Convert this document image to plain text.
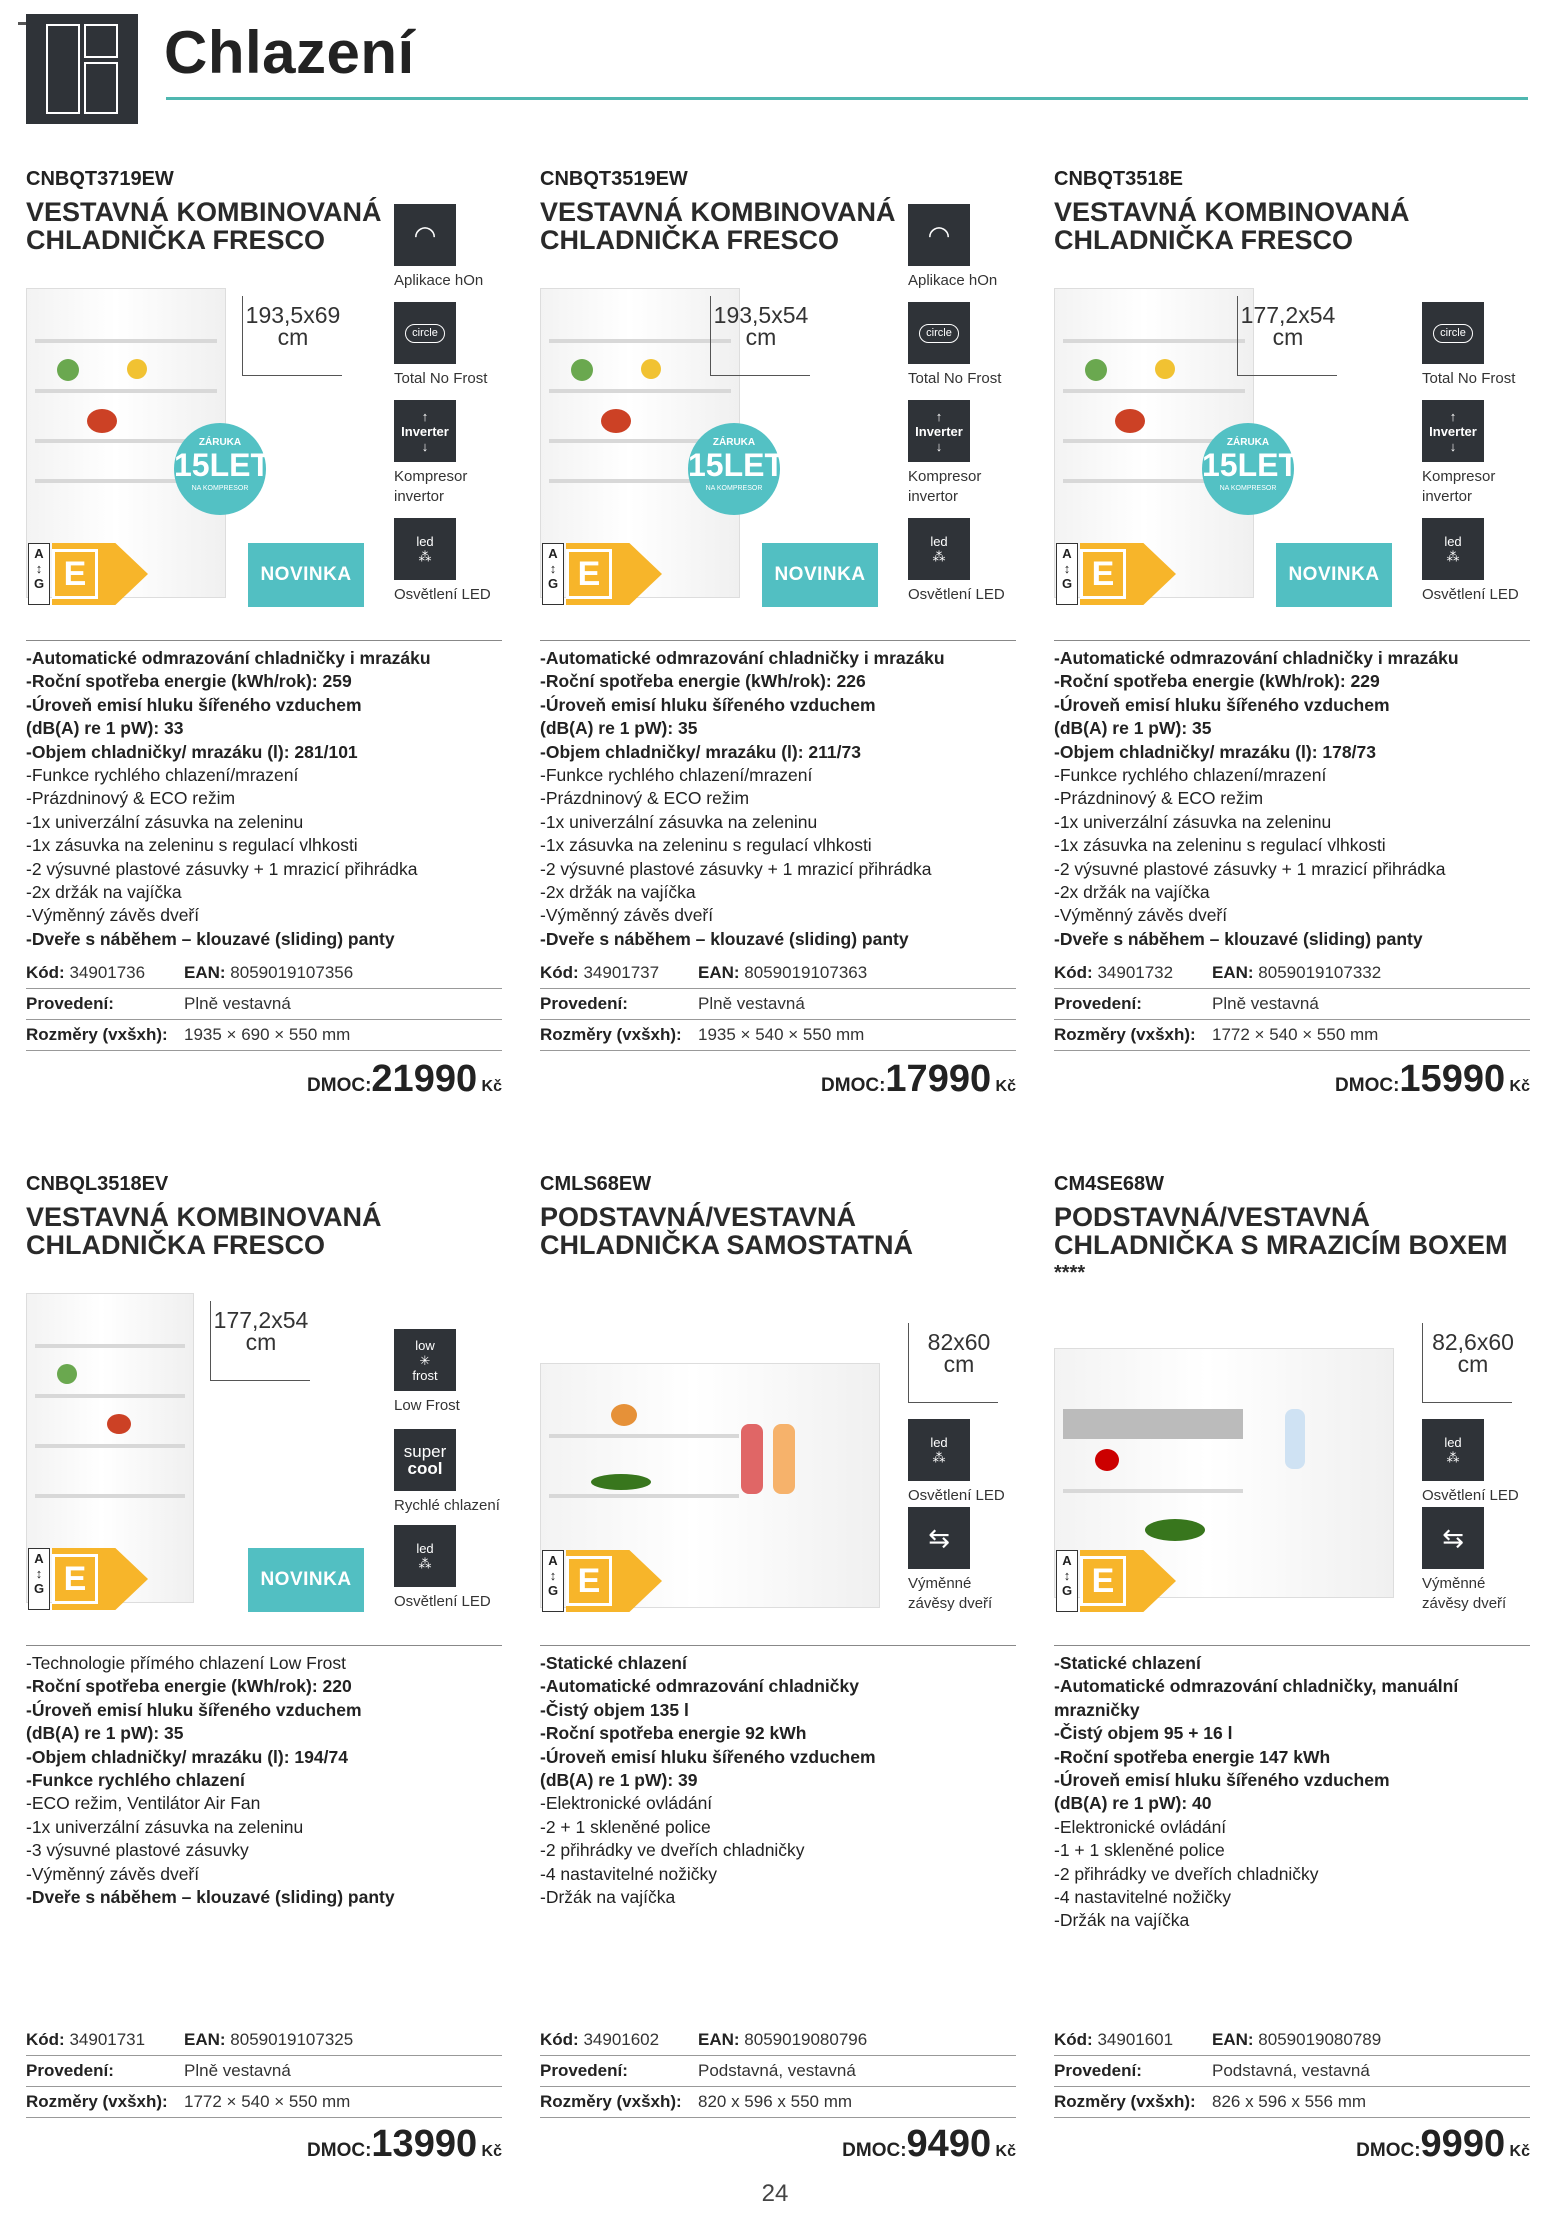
Chlazení
CNBQT3719EW
VESTAVNÁ KOMBINOVANÁ CHLADNIČKA FRESCO
193,5x69 cm
ZÁRUKA
15LET
NA KOMPRESOR
A
↕
G E	NOVINKA
◠
Aplikace hOn
circle
Total No Frost
↑
Inverter
↓
Kompresor invertor
led
⁂
Osvětlení LED
-Automatické odmrazování chladničky i mrazáku
-Roční spotřeba energie (kWh/rok): 259
-Úroveň emisí hluku šířeného vzduchem
(dB(A) re 1 pW): 33
-Objem chladničky/ mrazáku (l): 281/101
-Funkce rychlého chlazení/mrazení
-Prázdninový & ECO režim
-1x univerzální zásuvka na zeleninu
-1x zásuvka na zeleninu s regulací vlhkosti
-2 výsuvné plastové zásuvky + 1 mrazicí přihrádka
-2x držák na vajíčka
-Výměnný závěs dveří
-Dveře s náběhem – klouzavé (sliding) panty
Kód: 34901736 EAN: 8059019107356
Provedení:	Plně vestavná
Rozměry (vxšxh): 1935 × 690 × 550 mm
DMOC:21990 Kč
CNBQT3519EW
VESTAVNÁ KOMBINOVANÁ CHLADNIČKA FRESCO
193,5x54 cm
ZÁRUKA
15LET
NA KOMPRESOR
A
↕
G E	NOVINKA
◠
Aplikace hOn
circle
Total No Frost
↑
Inverter
↓
Kompresor invertor
led
⁂
Osvětlení LED
-Automatické odmrazování chladničky i mrazáku
-Roční spotřeba energie (kWh/rok): 226
-Úroveň emisí hluku šířeného vzduchem
(dB(A) re 1 pW): 35
-Objem chladničky/ mrazáku (l): 211/73
-Funkce rychlého chlazení/mrazení
-Prázdninový & ECO režim
-1x univerzální zásuvka na zeleninu
-1x zásuvka na zeleninu s regulací vlhkosti
-2 výsuvné plastové zásuvky + 1 mrazicí přihrádka
-2x držák na vajíčka
-Výměnný závěs dveří
-Dveře s náběhem – klouzavé (sliding) panty
Kód: 34901737 EAN: 8059019107363
Provedení:	Plně vestavná
Rozměry (vxšxh): 1935 × 540 × 550 mm
DMOC:17990 Kč
CNBQT3518E
VESTAVNÁ KOMBINOVANÁ CHLADNIČKA FRESCO
177,2x54 cm
ZÁRUKA
15LET
NA KOMPRESOR
A
↕
G E	NOVINKA
circle
Total No Frost
↑
Inverter
↓
Kompresor invertor
led
⁂
Osvětlení LED
-Automatické odmrazování chladničky i mrazáku
-Roční spotřeba energie (kWh/rok): 229
-Úroveň emisí hluku šířeného vzduchem
(dB(A) re 1 pW): 35
-Objem chladničky/ mrazáku (l): 178/73
-Funkce rychlého chlazení/mrazení
-Prázdninový & ECO režim
-1x univerzální zásuvka na zeleninu
-1x zásuvka na zeleninu s regulací vlhkosti
-2 výsuvné plastové zásuvky + 1 mrazicí přihrádka
-2x držák na vajíčka
-Výměnný závěs dveří
-Dveře s náběhem – klouzavé (sliding) panty
Kód: 34901732 EAN: 8059019107332
Provedení:	Plně vestavná
Rozměry (vxšxh): 1772 × 540 × 550 mm
DMOC:15990 Kč
CNBQL3518EV
VESTAVNÁ KOMBINOVANÁ CHLADNIČKA FRESCO
177,2x54 cm
A
↕
G E	NOVINKA
low
✳
frost
Low Frost
super
cool
Rychlé chlazení
led
⁂
Osvětlení LED
-Technologie přímého chlazení Low Frost
-Roční spotřeba energie (kWh/rok): 220
-Úroveň emisí hluku šířeného vzduchem
(dB(A) re 1 pW): 35
-Objem chladničky/ mrazáku (l): 194/74
-Funkce rychlého chlazení
-ECO režim, Ventilátor Air Fan
-1x univerzální zásuvka na zeleninu
-3 výsuvné plastové zásuvky
-Výměnný závěs dveří
-Dveře s náběhem – klouzavé (sliding) panty
Kód: 34901731 EAN: 8059019107325
Provedení:	Plně vestavná
Rozměry (vxšxh): 1772 × 540 × 550 mm
DMOC:13990 Kč
CMLS68EW
PODSTAVNÁ/VESTAVNÁ CHLADNIČKA SAMOSTATNÁ
82x60 cm
A
↕
G E
led
⁂
Osvětlení LED
⇆
Výměnné závěsy dveří
-Statické chlazení
-Automatické odmrazování chladničky
-Čistý objem 135 l
-Roční spotřeba energie 92 kWh
-Úroveň emisí hluku šířeného vzduchem
(dB(A) re 1 pW): 39
-Elektronické ovládání
-2 + 1 skleněné police
-2 přihrádky ve dveřích chladničky
-4 nastavitelné nožičky
-Držák na vajíčka
Kód: 34901602 EAN: 8059019080796
Provedení:	Podstavná, vestavná
Rozměry (vxšxh): 820 x 596 x 550 mm
DMOC:9490 Kč
CM4SE68W
PODSTAVNÁ/VESTAVNÁ CHLADNIČKA S MRAZICÍM BOXEM ****
82,6x60 cm
A
↕
G E
led
⁂
Osvětlení LED
⇆
Výměnné závěsy dveří
-Statické chlazení
-Automatické odmrazování chladničky, manuální
mrazničky
-Čistý objem 95 + 16 l
-Roční spotřeba energie 147 kWh
-Úroveň emisí hluku šířeného vzduchem
(dB(A) re 1 pW): 40
-Elektronické ovládání
-1 + 1 skleněné police
-2 přihrádky ve dveřích chladničky
-4 nastavitelné nožičky
-Držák na vajíčka
Kód: 34901601 EAN: 8059019080789
Provedení:	Podstavná, vestavná
Rozměry (vxšxh): 826 x 596 x 556 mm
DMOC:9990 Kč
24
